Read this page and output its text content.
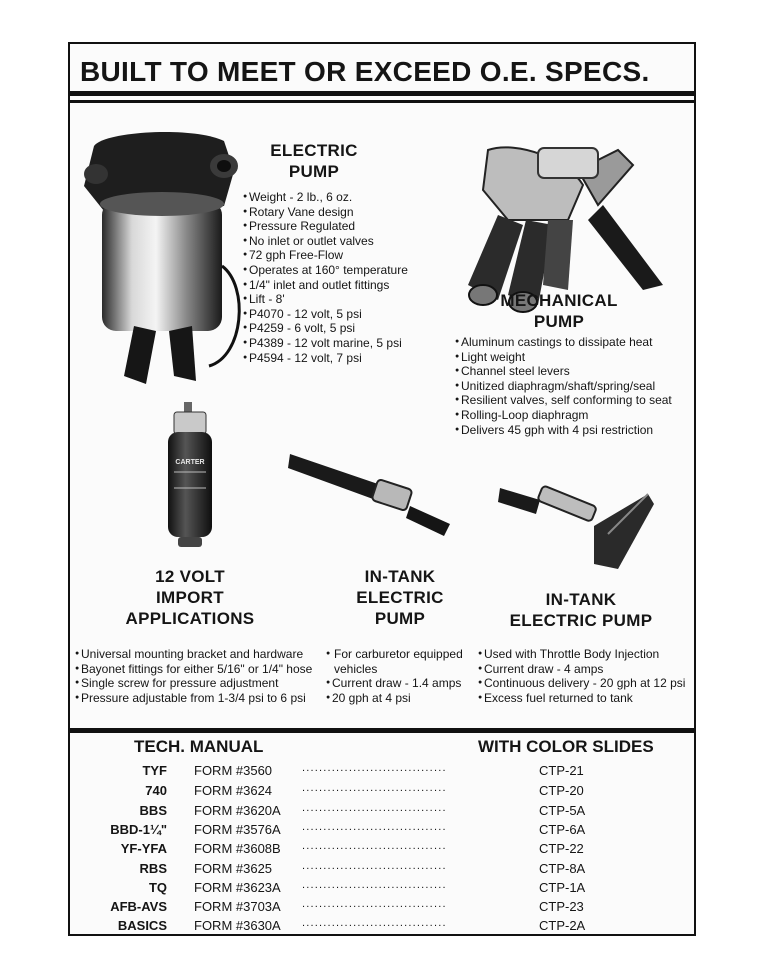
BUILT TO MEET OR EXCEED O.E. SPECS.
ELECTRIC
PUMP
● Weight - 2 lb., 6 oz.
● Rotary Vane design
● Pressure Regulated
● No inlet or outlet valves
● 72 gph Free-Flow
● Operates at 160° temperature
● 1/4" inlet and outlet fittings
● Lift - 8'
● P4070 - 12 volt, 5 psi
● P4259 - 6 volt, 5 psi
● P4389 - 12 volt marine, 5 psi
● P4594 - 12 volt, 7 psi
MECHANICAL
PUMP
● Aluminum castings to dissipate heat
● Light weight
● Channel steel levers
● Unitized diaphragm/shaft/spring/seal
● Resilient valves, self conforming to seat
● Rolling-Loop diaphragm
● Delivers 45 gph with 4 psi restriction
CARTER
12 VOLT
IMPORT
APPLICATIONS
IN-TANK
ELECTRIC
PUMP
IN-TANK
ELECTRIC PUMP
● Universal mounting bracket and hardware
● Bayonet fittings for either 5/16" or 1/4" hose
● Single screw for pressure adjustment
● Pressure adjustable from 1-3/4 psi to 6 psi
● For carburetor equipped vehicles
● Current draw - 1.4 amps
● 20 gph at 4 psi
● Used with Throttle Body Injection
● Current draw - 4 amps
● Continuous delivery - 20 gph at 12 psi
● Excess fuel returned to tank
TECH. MANUAL	WITH COLOR SLIDES
TYF FORM #3560	..................................	CTP-21
740 FORM #3624	..................................	CTP-20
BBS FORM #3620A ..................................	CTP-5A
BBD-1¼" FORM #3576A ..................................	CTP-6A
YF-YFA FORM #3608B ..................................	CTP-22
RBS FORM #3625	..................................	CTP-8A
TQ FORM #3623A ..................................	CTP-1A
AFB-AVS FORM #3703A ..................................	CTP-23
BASICS FORM #3630A ..................................	CTP-2A
